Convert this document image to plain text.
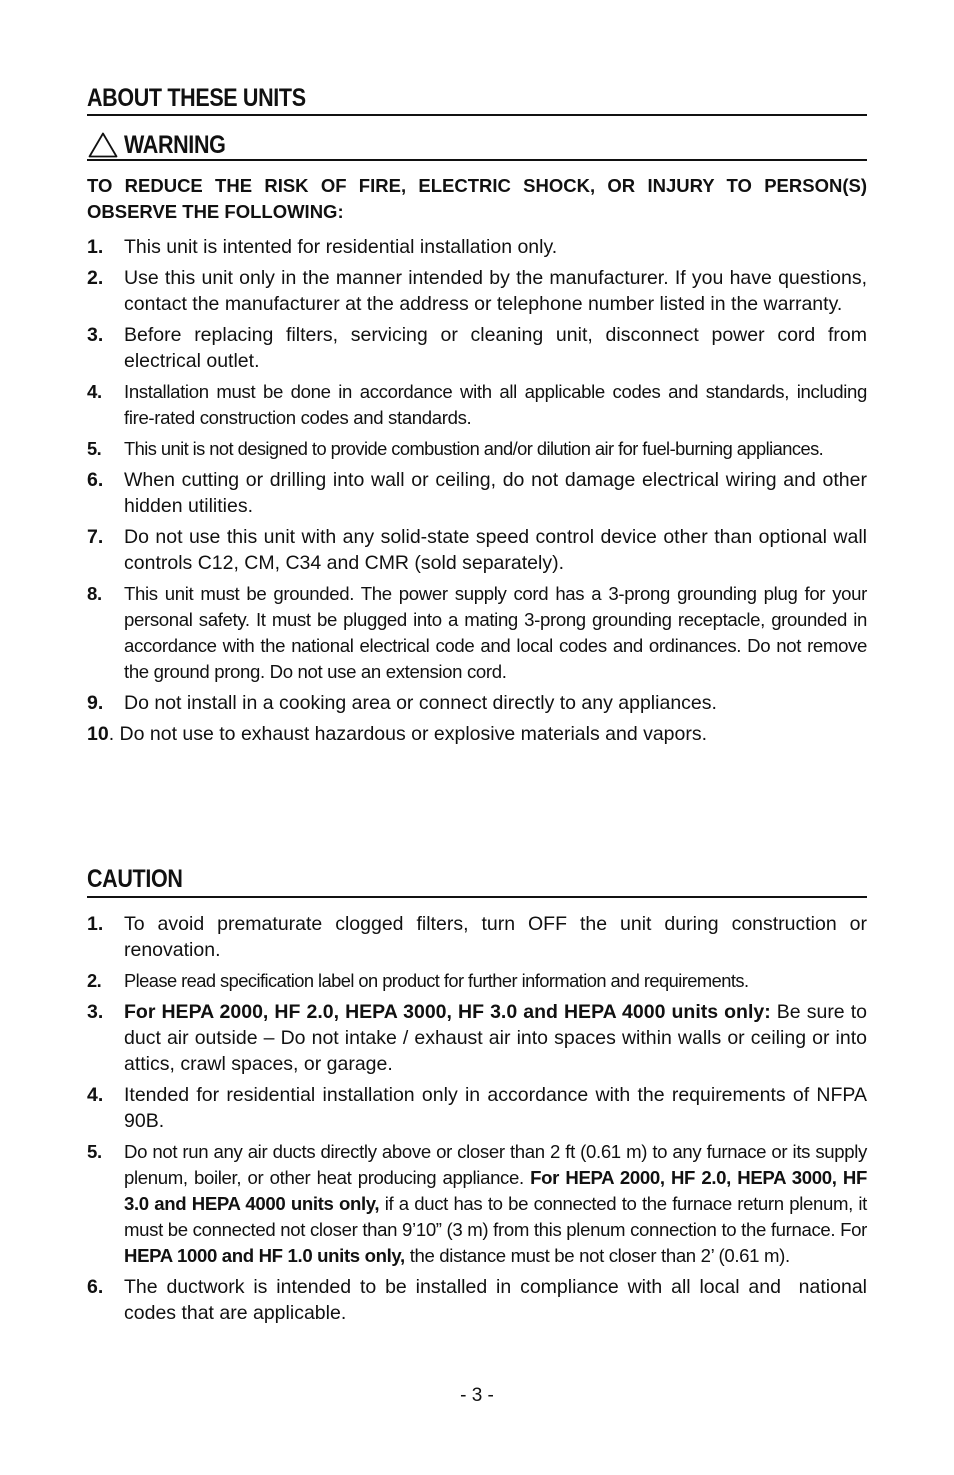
ABOUT THESE UNITS
WARNING
TO REDUCE THE RISK OF FIRE, ELECTRIC SHOCK, OR INJURY TO PERSON(S) OBSERVE THE FOLLOWING:
1. This unit is intented for residential installation only.
2. Use this unit only in the manner intended by the manufacturer. If you have questions, contact the manufacturer at the address or telephone number listed in the warranty.
3. Before replacing filters, servicing or cleaning unit, disconnect power cord from electrical outlet.
4. Installation must be done in accordance with all applicable codes and standards, including fire-rated construction codes and standards.
5. This unit is not designed to provide combustion and/or dilution air for fuel-burning appliances.
6. When cutting or drilling into wall or ceiling, do not damage electrical wiring and other hidden utilities.
7. Do not use this unit with any solid-state speed control device other than optional wall controls C12, CM, C34 and CMR (sold separately).
8. This unit must be grounded. The power supply cord has a 3-prong grounding plug for your personal safety. It must be plugged into a mating 3-prong grounding receptacle, grounded in accordance with the national electrical code and local codes and ordinances. Do not remove the ground prong. Do not use an extension cord.
9. Do not install in a cooking area or connect directly to any appliances.
10. Do not use to exhaust hazardous or explosive materials and vapors.
CAUTION
1. To avoid prematurate clogged filters, turn OFF the unit during construction or renovation.
2. Please read specification label on product for further information and requirements.
3. For HEPA 2000, HF 2.0, HEPA 3000, HF 3.0 and HEPA 4000 units only: Be sure to duct air outside – Do not intake / exhaust air into spaces within walls or ceiling or into attics, crawl spaces, or garage.
4. Itended for residential installation only in accordance with the requirements of NFPA 90B.
5. Do not run any air ducts directly above or closer than 2 ft (0.61 m) to any furnace or its supply plenum, boiler, or other heat producing appliance. For HEPA 2000, HF 2.0, HEPA 3000, HF 3.0 and HEPA 4000 units only, if a duct has to be connected to the furnace return plenum, it must be connected not closer than 9’10” (3 m) from this plenum connection to the furnace. For HEPA 1000 and HF 1.0 units only, the distance must be not closer than 2’ (0.61 m).
6. The ductwork is intended to be installed in compliance with all local and  national codes that are applicable.
- 3 -
